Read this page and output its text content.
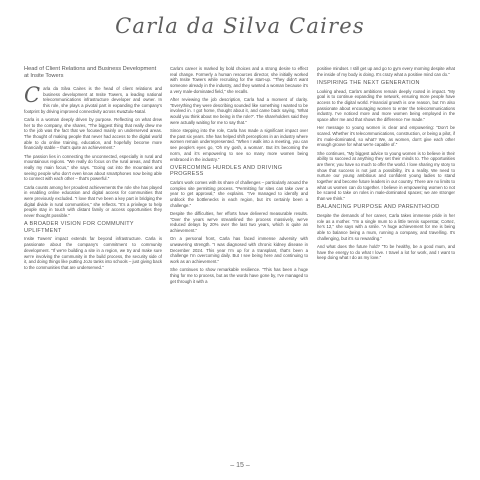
Carla da Silva Caires
Head of Client Relations and Business Development at Insite Towers
C arla da Silva Caires is the head of client relations and business development at Insite Towers, a leading national telecommunications infrastructure developer and owner. In this role, she plays a pivotal part in expanding the company's footprint by driving improved connectivity across KwaZulu-Natal.

Carla is a woman deeply driven by purpose. Reflecting on what drew her to the company, she shares, "The biggest thing that really drew me to the job was the fact that we focused mainly on underserved areas. The thought of making people that never had access to the digital world able to do online training, education, and hopefully become more financially stable – that's quite an achievement."

The passion lies in connecting the unconnected, especially in rural and mountainous regions. "We really do focus on the rural areas, and that's really my main focus," she says. "Going out into the mountains and seeing people who don't even know about smartphones now being able to connect with each other – that's powerful."

Carla counts among her proudest achievements the role she has played in enabling online education and digital access for communities that were previously excluded. "I love that I've been a key part in bridging the digital divide in rural communities," she reflects. "It's a privilege to help people stay in touch with distant family or access opportunities they never thought possible."

A BROADER VISION FOR COMMUNITY UPLIFTMENT

Insite Towers' impact extends far beyond infrastructure. Carla is passionate about the company's commitment to community development. "If we're building a site in a region, we try and make sure we're involving the community in the build process, the security side of it, and doing things like putting JoJo tanks into schools – just giving back to the communities that are underserved."

Carla's career is marked by bold choices and a strong desire to effect real change. Formerly a human resources director, she initially worked with Insite Towers while recruiting for the start-up. "They didn't want someone already in the industry, and they wanted a woman because it's a very male-dominated field," she recalls.

After reviewing the job description, Carla had a moment of clarity. "Everything they were describing sounded like something I wanted to be involved in. I got home, thought about it, and came back saying, 'What would you think about me being in the role?'. The shareholders said they were actually waiting for me to say that."

Since stepping into the role, Carla has made a significant impact over the past six years. She has helped shift perceptions in an industry where women remain underrepresented. "When I walk into a meeting, you can see people's eyes go, 'Oh my gosh, a woman'. But it's becoming the norm, and it's empowering to see so many more women being embraced in the industry."

OVERCOMING HURDLES AND DRIVING PROGRESS

Carla's work comes with its share of challenges – particularly around the complex site permitting process. "Permitting for sites can take over a year to get approval," she explains. "I've managed to identify and unblock the bottlenecks in each region, but it's certainly been a challenge."

Despite the difficulties, her efforts have delivered measurable results. "Over the years we've streamlined the process massively, we've reduced delays by 20% over the last two years, which is quite an achievement."

On a personal front, Carla has faced immense adversity with unwavering strength. "I was diagnosed with chronic kidney disease in December 2024. This year I'm up for a transplant, that's been a challenge I'm overcoming daily. But I see being here and continuing to work as an achievement."

She continues to show remarkable resilience. "This has been a huge thing for me to process, but as the words have gone by, I've managed to get through it with a

positive mindset. I still get up and go to gym every morning despite what the inside of my body is doing. It's crazy what a positive mind can do."

INSPIRING THE NEXT GENERATION

Looking ahead, Carla's ambitions remain deeply rooted in impact. "My goal is to continue expanding the network, ensuring more people have access to the digital world. Financial growth is one reason, but I'm also passionate about encouraging women to enter the telecommunications industry. I've noticed more and more women being employed in the space after me and that shows the difference I've made."

Her message to young women is clear and empowering: "Don't be scared. Whether it's telecommunications, construction, or being a pilot, if it's male-dominated, so what? We, as women, don't give each other enough groove for what we're capable of."

She continues, "My biggest advice to young women is to believe in their ability to succeed at anything they set their minds to. The opportunities are there; you have so much to offer the world. I love sharing my story to show that success is not just a possibility, it's a reality. We need to nurture our young ambitious and confident young ladies to stand together and become future leaders in our country. There are no limits to what us women can do together. I believe in empowering women to not be scared to take on roles in male-dominated spaces; we are stronger than we think."

BALANCING PURPOSE AND PARENTHOOD

Despite the demands of her career, Carla takes immense pride in her role as a mother. "I'm a single mum to a little tennis superstar, Cortez, he's 12," she says with a smile. "A huge achievement for me is being able to balance being a mum, running a company, and travelling. It's challenging, but it's so rewarding."

And what does the future hold? "To be healthy, be a good mum, and have the energy to do what I love. I travel a lot for work, and I want to keep doing what I do as my love."

– 15 –
